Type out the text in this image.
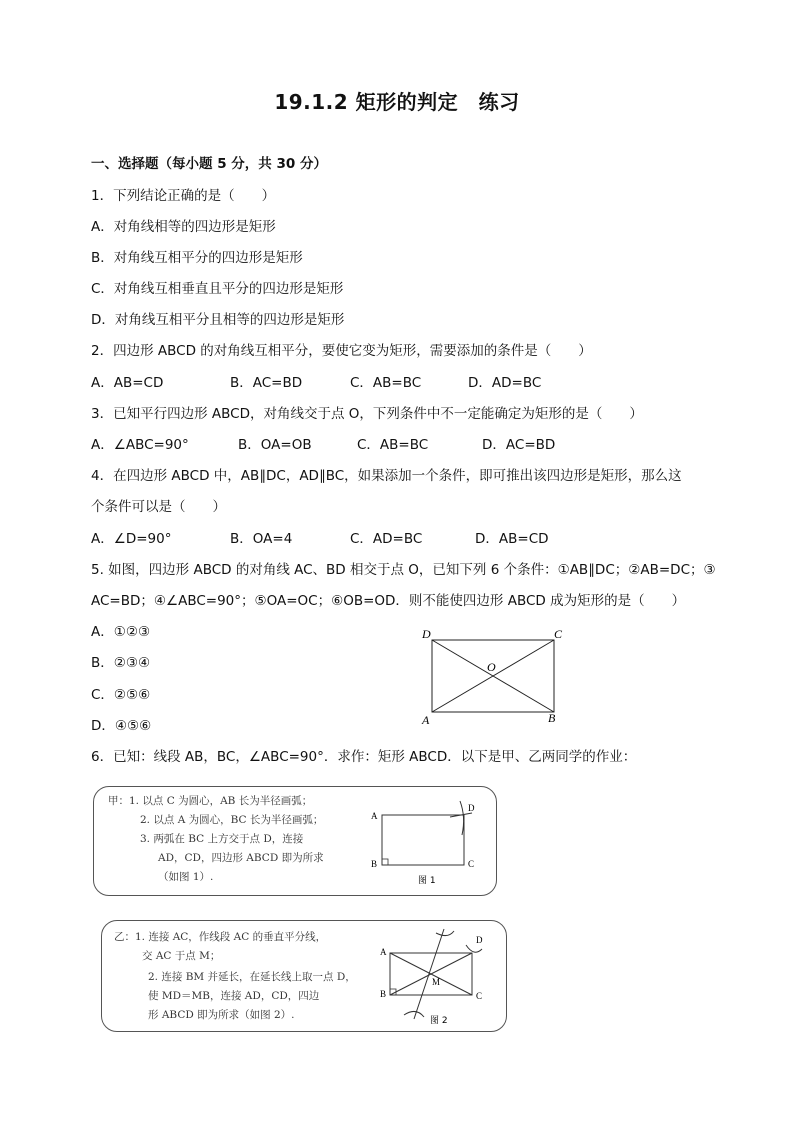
19.1.2 矩形的判定　练习
一、选择题（每小题 5 分，共 30 分）
1．下列结论正确的是（　　）
A．对角线相等的四边形是矩形
B．对角线互相平分的四边形是矩形
C．对角线互相垂直且平分的四边形是矩形
D．对角线互相平分且相等的四边形是矩形
2．四边形 ABCD 的对角线互相平分，要使它变为矩形，需要添加的条件是（　　）
A．AB=CD	B．AC=BD	C．AB=BC	D．AD=BC
3．已知平行四边形 ABCD，对角线交于点 O，下列条件中不一定能确定为矩形的是（　　）
A．∠ABC=90°	B．OA=OB	C．AB=BC	D．AC=BD
4．在四边形 ABCD 中，AB∥DC，AD∥BC，如果添加一个条件，即可推出该四边形是矩形，那么这
个条件可以是（　　）
A．∠D=90°	B．OA=4	C．AD=BC	D．AB=CD
5. 如图，四边形 ABCD 的对角线 AC、BD 相交于点 O，已知下列 6 个条件：①AB∥DC；②AB=DC；③
AC=BD；④∠ABC=90°；⑤OA=OC；⑥OB=OD．则不能使四边形 ABCD 成为矩形的是（　　）
A．①②③
B．②③④
C．②⑤⑥
D．④⑤⑥
D	C
A	B
O
6．已知：线段 AB，BC，∠ABC=90°．求作：矩形 ABCD．以下是甲、乙两同学的作业：
甲：1. 以点 C 为圆心，AB 长为半径画弧；
2. 以点 A 为圆心，BC 长为半径画弧；
3. 两弧在 BC 上方交于点 D，连接
AD，CD，四边形 ABCD 即为所求
（如图 1）.
A
B	C
D
图 1
乙：1. 连接 AC，作线段 AC 的垂直平分线，
交 AC 于点 M；
2. 连接 BM 并延长，在延长线上取一点 D，
使 MD＝MB，连接 AD，CD，四边
形 ABCD 即为所求（如图 2）.
A
B	C
D
M
图 2
